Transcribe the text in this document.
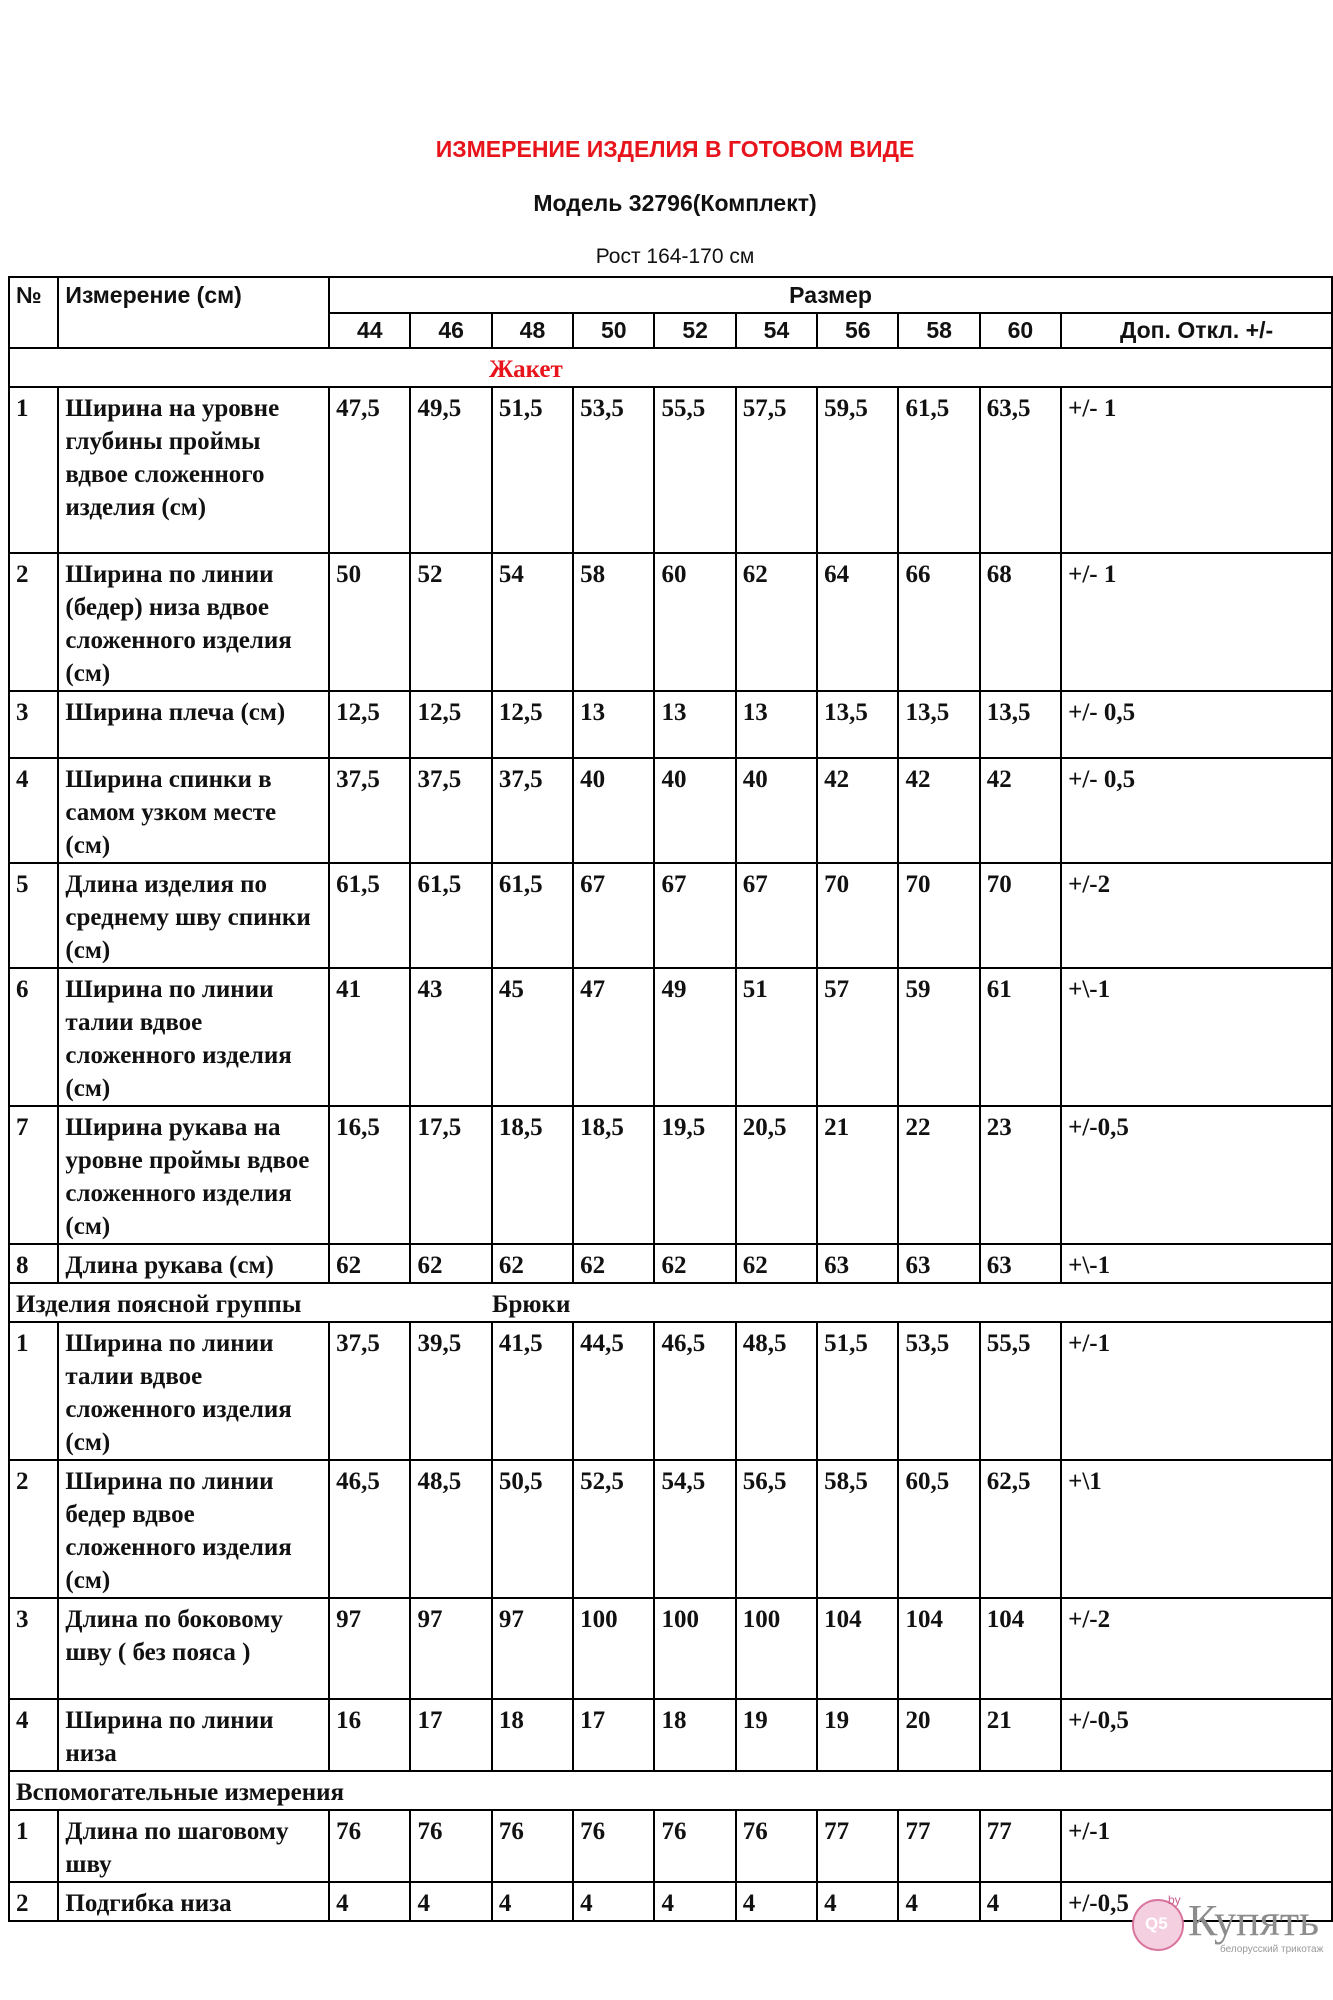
ИЗМЕРЕНИЕ ИЗДЕЛИЯ В ГОТОВОМ ВИДЕ
Модель 32796(Комплект)
Рост 164-170 см
№	Измерение (см)	Размер									
		44	46	48	50	52	54	56	58	60	Доп. Откл. +/-
Жакет											
1	Ширина на уровне глубины проймы вдвое сложенного изделия (см)	47,5	49,5	51,5	53,5	55,5	57,5	59,5	61,5	63,5	+/- 1
2	Ширина по линии (бедер) низа вдвое сложенного изделия (см)	50	52	54	58	60	62	64	66	68	+/- 1
3	Ширина плеча (см)	12,5	12,5	12,5	13	13	13	13,5	13,5	13,5	+/- 0,5
4	Ширина спинки в самом узком месте (см)	37,5	37,5	37,5	40	40	40	42	42	42	+/- 0,5
5	Длина изделия по среднему шву спинки (см)	61,5	61,5	61,5	67	67	67	70	70	70	+/-2
6	Ширина по линии талии вдвое сложенного изделия (см)	41	43	45	47	49	51	57	59	61	+\-1
7	Ширина рукава на уровне проймы вдвое сложенного изделия (см)	16,5	17,5	18,5	18,5	19,5	20,5	21	22	23	+/-0,5
8	Длина рукава (см)	62	62	62	62	62	62	63	63	63	+\-1
Изделия поясной группы Брюки											

1	Ширина по линии талии вдвое сложенного изделия (см)	37,5	39,5	41,5	44,5	46,5	48,5	51,5	53,5	55,5	+/-1
2	Ширина по линии бедер вдвое сложенного изделия (см)	46,5	48,5	50,5	52,5	54,5	56,5	58,5	60,5	62,5	+\1
3	Длина по боковому шву ( без пояса )	97	97	97	100	100	100	104	104	104	+/-2
4	Ширина по линии низа	16	17	18	17	18	19	19	20	21	+/-0,5
Вспомогательные измерения											
1	Длина по шаговому шву	76	76	76	76	76	76	77	77	77	+/-1
2	Подгибка низа	4	4	4	4	4	4	4	4	4	+/-0,5
Q5
by Купять
белорусский трикотаж
